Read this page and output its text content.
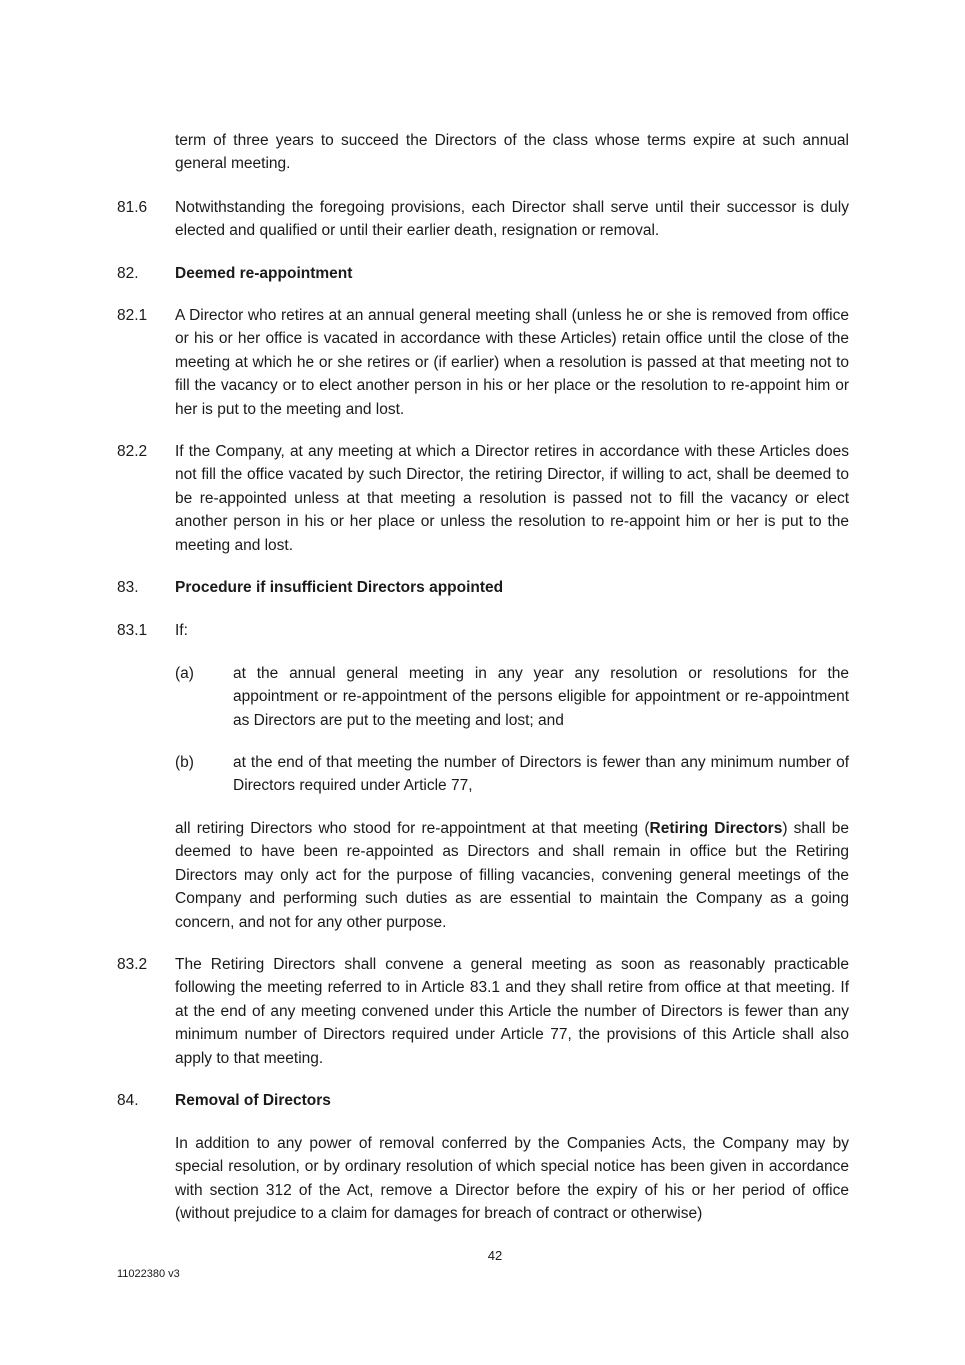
term of three years to succeed the Directors of the class whose terms expire at such annual general meeting.
81.6 Notwithstanding the foregoing provisions, each Director shall serve until their successor is duly elected and qualified or until their earlier death, resignation or removal.
82. Deemed re-appointment
82.1 A Director who retires at an annual general meeting shall (unless he or she is removed from office or his or her office is vacated in accordance with these Articles) retain office until the close of the meeting at which he or she retires or (if earlier) when a resolution is passed at that meeting not to fill the vacancy or to elect another person in his or her place or the resolution to re-appoint him or her is put to the meeting and lost.
82.2 If the Company, at any meeting at which a Director retires in accordance with these Articles does not fill the office vacated by such Director, the retiring Director, if willing to act, shall be deemed to be re-appointed unless at that meeting a resolution is passed not to fill the vacancy or elect another person in his or her place or unless the resolution to re-appoint him or her is put to the meeting and lost.
83. Procedure if insufficient Directors appointed
83.1 If:
(a)	at the annual general meeting in any year any resolution or resolutions for the appointment or re-appointment of the persons eligible for appointment or re-appointment as Directors are put to the meeting and lost; and
(b)	at the end of that meeting the number of Directors is fewer than any minimum number of Directors required under Article 77,
all retiring Directors who stood for re-appointment at that meeting (Retiring Directors) shall be deemed to have been re-appointed as Directors and shall remain in office but the Retiring Directors may only act for the purpose of filling vacancies, convening general meetings of the Company and performing such duties as are essential to maintain the Company as a going concern, and not for any other purpose.
83.2 The Retiring Directors shall convene a general meeting as soon as reasonably practicable following the meeting referred to in Article 83.1 and they shall retire from office at that meeting. If at the end of any meeting convened under this Article the number of Directors is fewer than any minimum number of Directors required under Article 77, the provisions of this Article shall also apply to that meeting.
84. Removal of Directors
In addition to any power of removal conferred by the Companies Acts, the Company may by special resolution, or by ordinary resolution of which special notice has been given in accordance with section 312 of the Act, remove a Director before the expiry of his or her period of office (without prejudice to a claim for damages for breach of contract or otherwise)
42
11022380 v3
